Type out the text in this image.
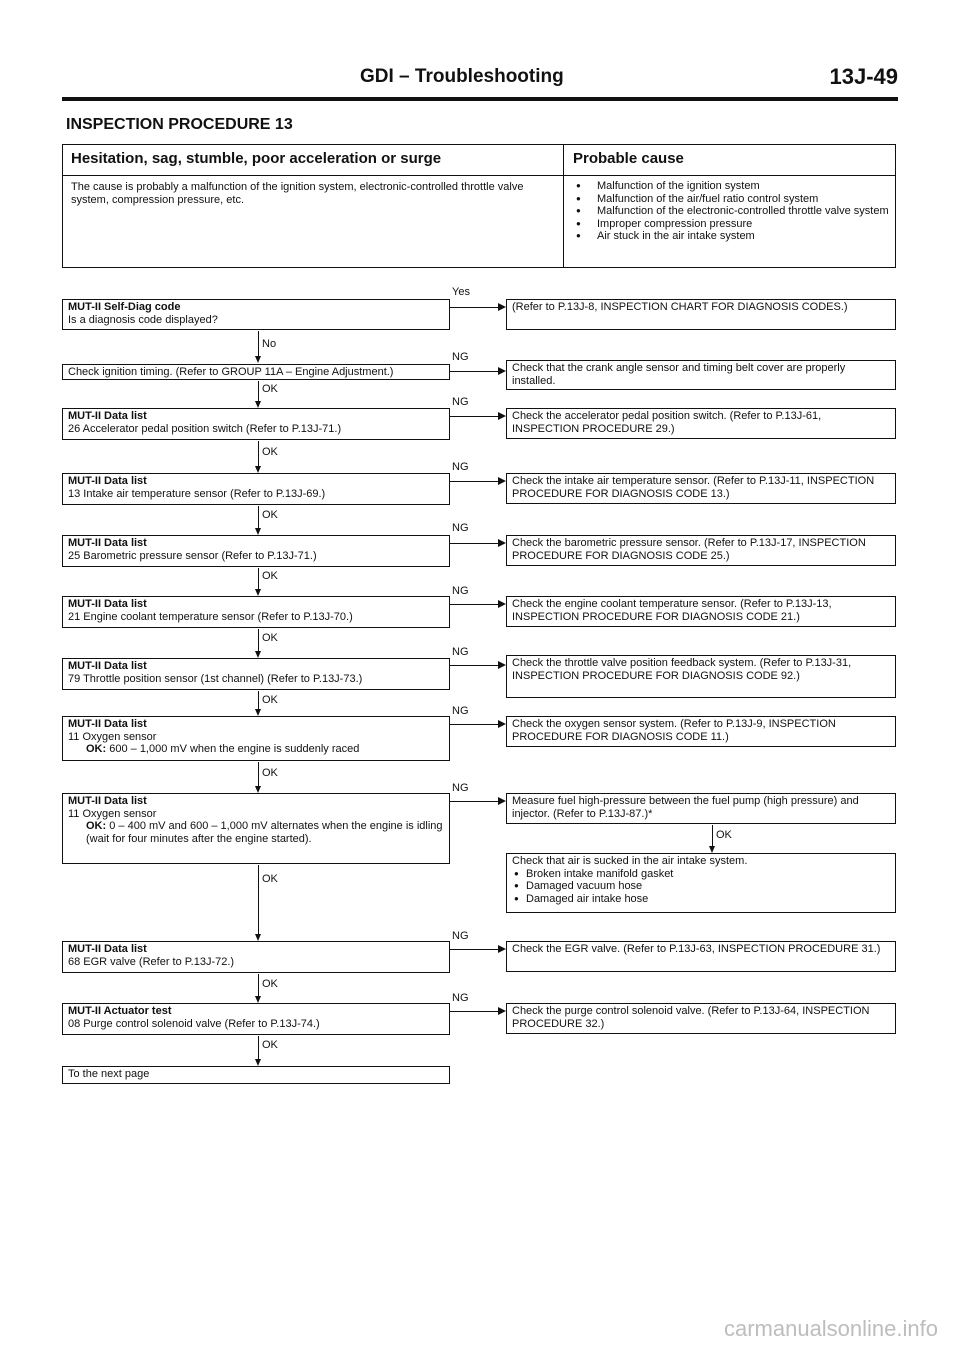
GDI – Troubleshooting	13J-49
INSPECTION PROCEDURE 13
Hesitation, sag, stumble, poor acceleration or surge	Probable cause
The cause is probably a malfunction of the ignition system, electronic-controlled throttle valve system, compression pressure, etc.
● Malfunction of the ignition system
● Malfunction of the air/fuel ratio control system
● Malfunction of the electronic-controlled throttle valve system
● Improper compression pressure
● Air stuck in the air intake system
MUT-II Self-Diag code
Is a diagnosis code displayed?
Yes
(Refer to P.13J-8, INSPECTION CHART FOR DIAGNOSIS CODES.)
No
Check ignition timing. (Refer to GROUP 11A – Engine Adjustment.)
NG
Check that the crank angle sensor and timing belt cover are properly installed.
OK
MUT-II Data list
26 Accelerator pedal position switch (Refer to P.13J-71.)
NG
Check the accelerator pedal position switch. (Refer to P.13J-61, INSPECTION PROCEDURE 29.)
OK
MUT-II Data list
13 Intake air temperature sensor (Refer to P.13J-69.)
NG
Check the intake air temperature sensor. (Refer to P.13J-11, INSPECTION PROCEDURE FOR DIAGNOSIS CODE 13.)
OK
MUT-II Data list
25 Barometric pressure sensor (Refer to P.13J-71.)
NG
Check the barometric pressure sensor. (Refer to P.13J-17, INSPECTION PROCEDURE FOR DIAGNOSIS CODE 25.)
OK
MUT-II Data list
21 Engine coolant temperature sensor (Refer to P.13J-70.)
NG
Check the engine coolant temperature sensor. (Refer to P.13J-13, INSPECTION PROCEDURE FOR DIAGNOSIS CODE 21.)
OK
MUT-II Data list
79 Throttle position sensor (1st channel) (Refer to P.13J-73.)
NG
Check the throttle valve position feedback system. (Refer to P.13J-31, INSPECTION PROCEDURE FOR DIAGNOSIS CODE 92.)
OK
MUT-II Data list
11 Oxygen sensor
OK: 600 – 1,000 mV when the engine is suddenly raced
NG
Check the oxygen sensor system. (Refer to P.13J-9, INSPECTION PROCEDURE FOR DIAGNOSIS CODE 11.)
OK
MUT-II Data list
11 Oxygen sensor

OK: 0 – 400 mV and 600 – 1,000 mV alternates when the engine is idling (wait for four minutes after the engine started).
NG
Measure fuel high-pressure between the fuel pump (high pressure) and injector. (Refer to P.13J-87.)*
OK
Check that air is sucked in the air intake system.
● Broken intake manifold gasket
● Damaged vacuum hose
● Damaged air intake hose
OK
MUT-II Data list
68 EGR valve (Refer to P.13J-72.)
NG
Check the EGR valve. (Refer to P.13J-63, INSPECTION PROCEDURE 31.)
OK
MUT-II Actuator test
08 Purge control solenoid valve (Refer to P.13J-74.)
NG
Check the purge control solenoid valve. (Refer to P.13J-64, INSPECTION PROCEDURE 32.)
OK
To the next page
carmanualsonline.info
